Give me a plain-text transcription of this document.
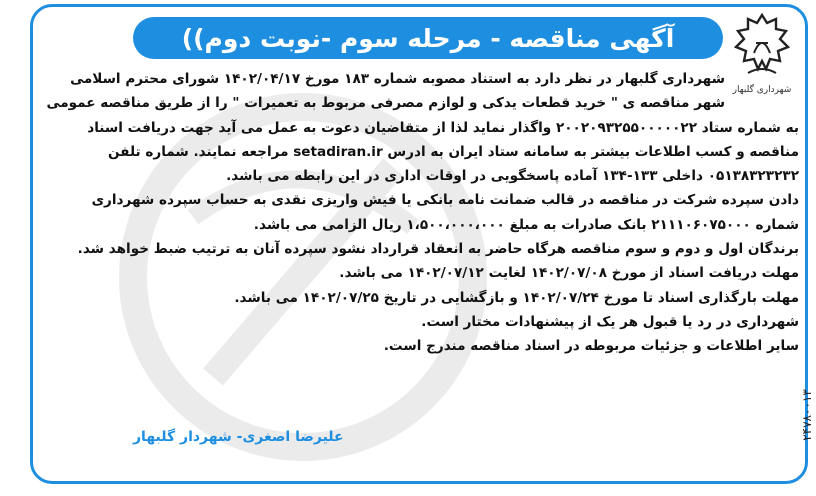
آگهی مناقصه - مرحله سوم -نوبت دوم))
شهرداری گلبهار

شهرداری گلبهار در نظر دارد به استناد مصوبه شماره ۱۸۳ مورخ ۱۴۰۲/۰۴/۱۷ شورای محترم اسلامی

شهر مناقصه ی " خرید قطعات یدکی و لوازم مصرفی مربوط به تعمیرات " را از طریق مناقصه عمومی

به شماره ستاد ۲۰۰۲۰۹۳۲۵۵۰۰۰۰۰۲۲ واگذار نماید لذا از متقاضیان دعوت به عمل می آید جهت دریافت اسناد

مناقصه و کسب اطلاعات بیشتر به سامانه ستاد ایران به ادرس setadiran.ir مراجعه نمایند. شماره تلفن

۰۵۱۳۸۳۲۳۲۳۲ داخلی ۱۳۳-۱۳۴ آماده پاسخگویی در اوقات اداری در این رابطه می باشد.

دادن سپرده شرکت در مناقصه در قالب ضمانت نامه بانکی یا فیش واریزی نقدی به حساب سپرده شهرداری

شماره ۲۱۱۱۰۶۰۷۵۰۰۰ بانک صادرات به مبلغ ۱،۵۰۰،۰۰۰،۰۰۰ ریال الزامی می باشد.

برندگان اول و دوم و سوم مناقصه هرگاه حاضر به انعقاد قرارداد نشود سپرده آنان به ترتیب ضبط خواهد شد.

مهلت دریافت اسناد از مورخ ۱۴۰۲/۰۷/۰۸ لغایت ۱۴۰۲/۰۷/۱۲ می باشد.

مهلت بارگذاری اسناد تا مورخ ۱۴۰۲/۰۷/۲۴ و بازگشایی در تاریخ ۱۴۰۲/۰۷/۲۵ می باشد.

شهرداری در رد یا قبول هر یک از پیشنهادات مختار است.

سایر اطلاعات و جزئیات مربوطه در اسناد مناقصه مندرج است.

علیرضا اصغری- شهردار گلبهار	۲۴۷۸۰۰۱۳
